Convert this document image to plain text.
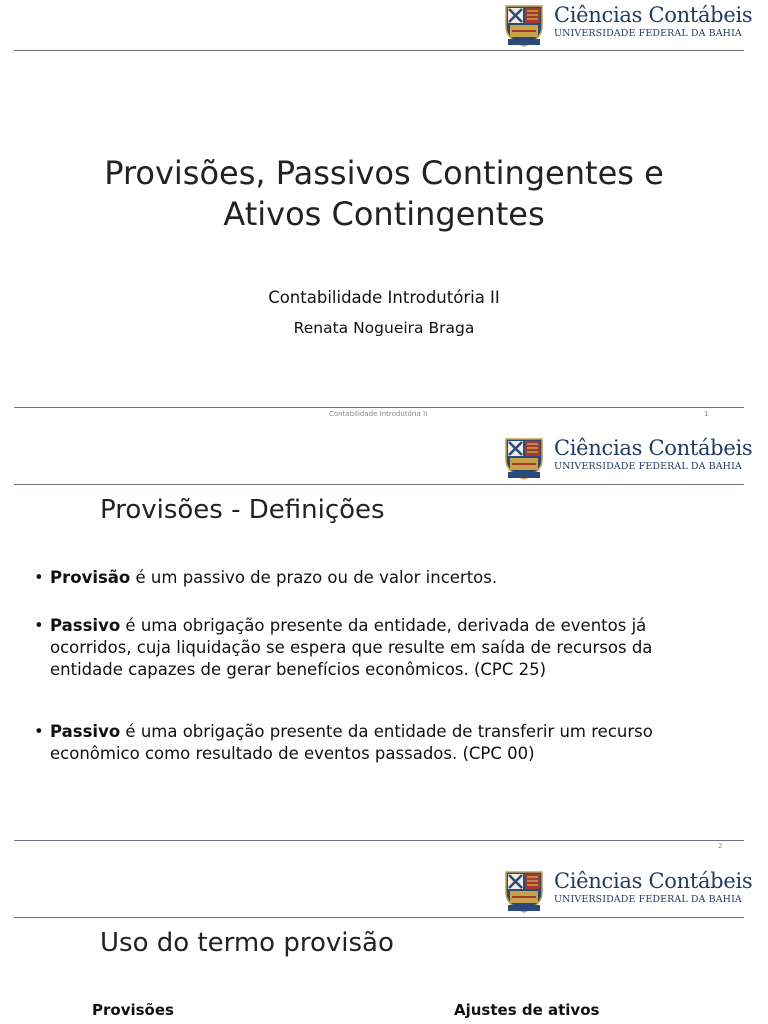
Ciências Contábeis
UNIVERSIDADE FEDERAL DA BAHIA
Provisões, Passivos Contingentes e
Ativos Contingentes
Contabilidade Introdutória II
Renata Nogueira Braga
Contabilidade Introdutória II	1
Ciências Contábeis
UNIVERSIDADE FEDERAL DA BAHIA
Provisões - Definições
• Provisão é um passivo de prazo ou de valor incertos.
• Passivo é uma obrigação presente da entidade, derivada de eventos já ocorridos, cuja liquidação se espera que resulte em saída de recursos da entidade capazes de gerar benefícios econômicos. (CPC 25)
• Passivo é uma obrigação presente da entidade de transferir um recurso econômico como resultado de eventos passados. (CPC 00)
2
Ciências Contábeis
UNIVERSIDADE FEDERAL DA BAHIA
Uso do termo provisão
Provisões	Ajustes de ativos
